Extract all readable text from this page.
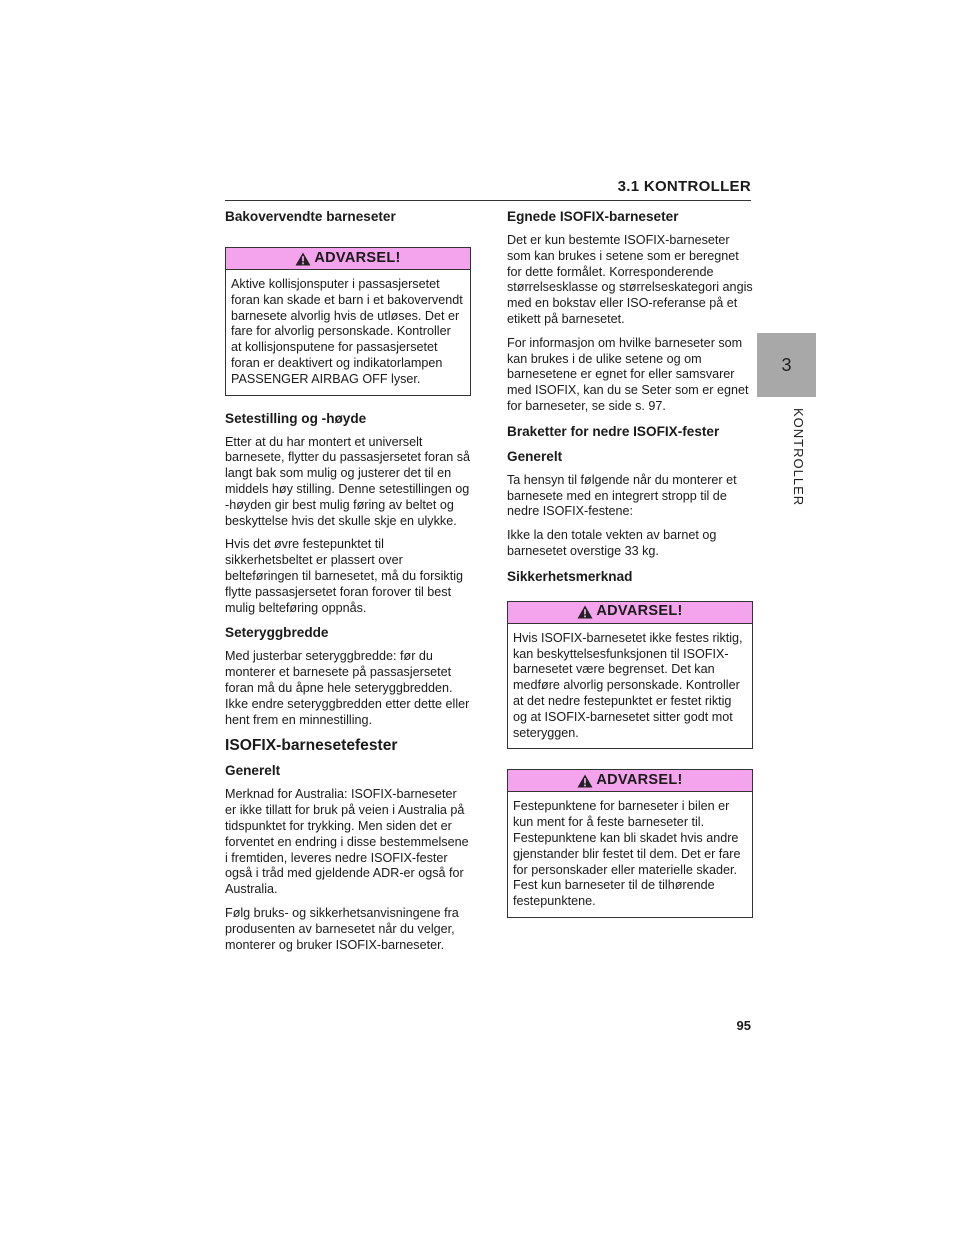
3.1 KONTROLLER
3
KONTROLLER
Bakovervendte barneseter
ADVARSEL!

Aktive kollisjonsputer i passasjersetet foran kan skade et barn i et bakovervendt barnesete alvorlig hvis de utløses. Det er fare for alvorlig personskade. Kontroller at kollisjonsputene for passasjersetet foran er deaktivert og indikatorlampen PASSENGER AIRBAG OFF lyser.

Setestilling og -høyde

Etter at du har montert et universelt barnesete, flytter du passasjersetet foran så langt bak som mulig og justerer det til en middels høy stilling. Denne setestillingen og -høyden gir best mulig føring av beltet og beskyttelse hvis det skulle skje en ulykke.

Hvis det øvre festepunktet til sikkerhetsbeltet er plassert over belteføringen til barnesetet, må du forsiktig flytte passasjersetet foran forover til best mulig belteføring oppnås.

Seteryggbredde

Med justerbar seteryggbredde: før du monterer et barnesete på passasjersetet foran må du åpne hele seteryggbredden. Ikke endre seteryggbredden etter dette eller hent frem en minnestilling.

ISOFIX-barnesetefester
Generelt

Merknad for Australia: ISOFIX-barneseter er ikke tillatt for bruk på veien i Australia på tidspunktet for trykking. Men siden det er forventet en endring i disse bestemmelsene i fremtiden, leveres nedre ISOFIX-fester også i tråd med gjeldende ADR-er også for Australia.

Følg bruks- og sikkerhetsanvisningene fra produsenten av barnesetet når du velger, monterer og bruker ISOFIX-barneseter.

Egnede ISOFIX-barneseter

Det er kun bestemte ISOFIX-barneseter som kan brukes i setene som er beregnet for dette formålet. Korresponderende størrelsesklasse og størrelseskategori angis med en bokstav eller ISO-referanse på et etikett på barnesetet.

For informasjon om hvilke barneseter som kan brukes i de ulike setene og om barnesetene er egnet for eller samsvarer med ISOFIX, kan du se Seter som er egnet for barneseter, se side s. 97.

Braketter for nedre ISOFIX-fester
Generelt

Ta hensyn til følgende når du monterer et barnesete med en integrert stropp til de nedre ISOFIX-festene:

Ikke la den totale vekten av barnet og barnesetet overstige 33 kg.

Sikkerhetsmerknad
ADVARSEL!

Hvis ISOFIX-barnesetet ikke festes riktig, kan beskyttelsesfunksjonen til ISOFIX-barnesetet være begrenset. Det kan medføre alvorlig personskade. Kontroller at det nedre festepunktet er festet riktig og at ISOFIX-barnesetet sitter godt mot seteryggen.

ADVARSEL!

Festepunktene for barneseter i bilen er kun ment for å feste barneseter til. Festepunktene kan bli skadet hvis andre gjenstander blir festet til dem. Det er fare for personskader eller materielle skader. Fest kun barneseter til de tilhørende festepunktene.

95
